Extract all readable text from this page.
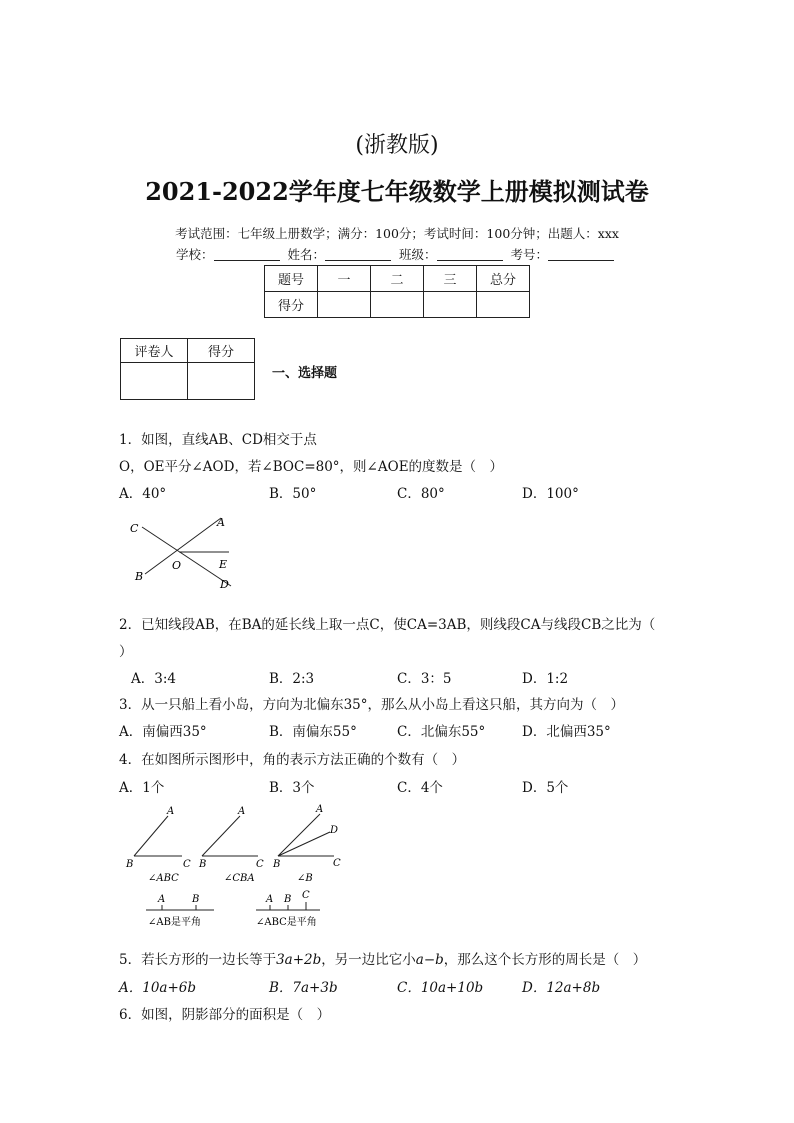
(浙教版)
2021-2022学年度七年级数学上册模拟测试卷
考试范围：七年级上册数学；满分：100分；考试时间：100分钟；出题人：xxx
学校：	姓名：	班级：	考号：
题号	一	二	三	总分
得分				
评卷人	得分

一、选择题
1．如图，直线AB、CD相交于点
O，OE平分∠AOD，若∠BOC=80°，则∠AOE的度数是（　）
A．40°	B．50°	C．80°	D．100°
C	A
O	E
B
D
2．已知线段AB，在BA的延长线上取一点C，使CA=3AB，则线段CA与线段CB之比为（
）
A．3:4	B．2:3	C．3：5	D．1:2
3．从一只船上看小岛，方向为北偏东35°，那么从小岛上看这只船，其方向为（　）
A．南偏西35°	B．南偏东55°	C．北偏东55°	D．北偏西35°
4．在如图所示图形中，角的表示方法正确的个数有（　）
A．1个	B．3个	C．4个	D．5个
A
B	C
∠ABC
A
B	C
∠CBA
A
D
B	C
∠B
A	B
∠AB是平角
A B C
∠ABC是平角
5．若长方形的一边长等于3a+2b，另一边比它小a−b，那么这个长方形的周长是（　）
A．10a+6b	B．7a+3b	C．10a+10b	D．12a+8b
6．如图，阴影部分的面积是（　）
